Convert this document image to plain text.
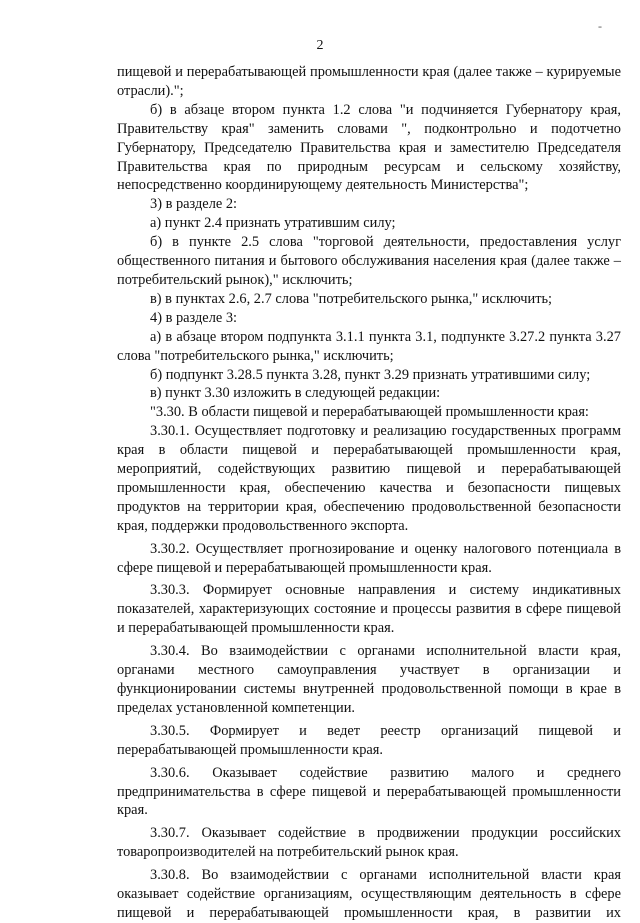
-
2

пищевой и перерабатывающей промышленности края (далее также – курируемые отрасли).";

б) в абзаце втором пункта 1.2 слова "и подчиняется Губернатору края, Правительству края" заменить словами ", подконтрольно и подотчетно Губернатору, Председателю Правительства края и заместителю Председателя Правительства края по природным ресурсам и сельскому хозяйству, непосредственно координирующему деятельность Министерства";

3) в разделе 2:

а) пункт 2.4 признать утратившим силу;

б) в пункте 2.5 слова "торговой деятельности, предоставления услуг общественного питания и бытового обслуживания населения края (далее также – потребительский рынок)," исключить;

в) в пунктах 2.6, 2.7 слова "потребительского рынка," исключить;

4) в разделе 3:

а) в абзаце втором подпункта 3.1.1 пункта 3.1, подпункте 3.27.2 пункта 3.27 слова "потребительского рынка," исключить;

б) подпункт 3.28.5 пункта 3.28, пункт 3.29 признать утратившими силу;

в) пункт 3.30 изложить в следующей редакции:

"3.30. В области пищевой и перерабатывающей промышленности края:

3.30.1. Осуществляет подготовку и реализацию государственных программ края в области пищевой и перерабатывающей промышленности края, мероприятий, содействующих развитию пищевой и перерабатывающей промышленности края, обеспечению качества и безопасности пищевых продуктов на территории края, обеспечению продовольственной безопасности края, поддержки продовольственного экспорта.

3.30.2. Осуществляет прогнозирование и оценку налогового потенциала в сфере пищевой и перерабатывающей промышленности края.

3.30.3. Формирует основные направления и систему индикативных показателей, характеризующих состояние и процессы развития в сфере пищевой и перерабатывающей промышленности края.

3.30.4. Во взаимодействии с органами исполнительной власти края, органами местного самоуправления участвует в организации и функционировании системы внутренней продовольственной помощи в крае в пределах установленной компетенции.

3.30.5. Формирует и ведет реестр организаций пищевой и перерабатывающей промышленности края.

3.30.6. Оказывает содействие развитию малого и среднего предпринимательства в сфере пищевой и перерабатывающей промышленности края.

3.30.7. Оказывает содействие в продвижении продукции российских товаропроизводителей на потребительский рынок края.

3.30.8. Во взаимодействии с органами исполнительной власти края оказывает содействие организациям, осуществляющим деятельность в сфере пищевой и перерабатывающей промышленности края, в развитии их
